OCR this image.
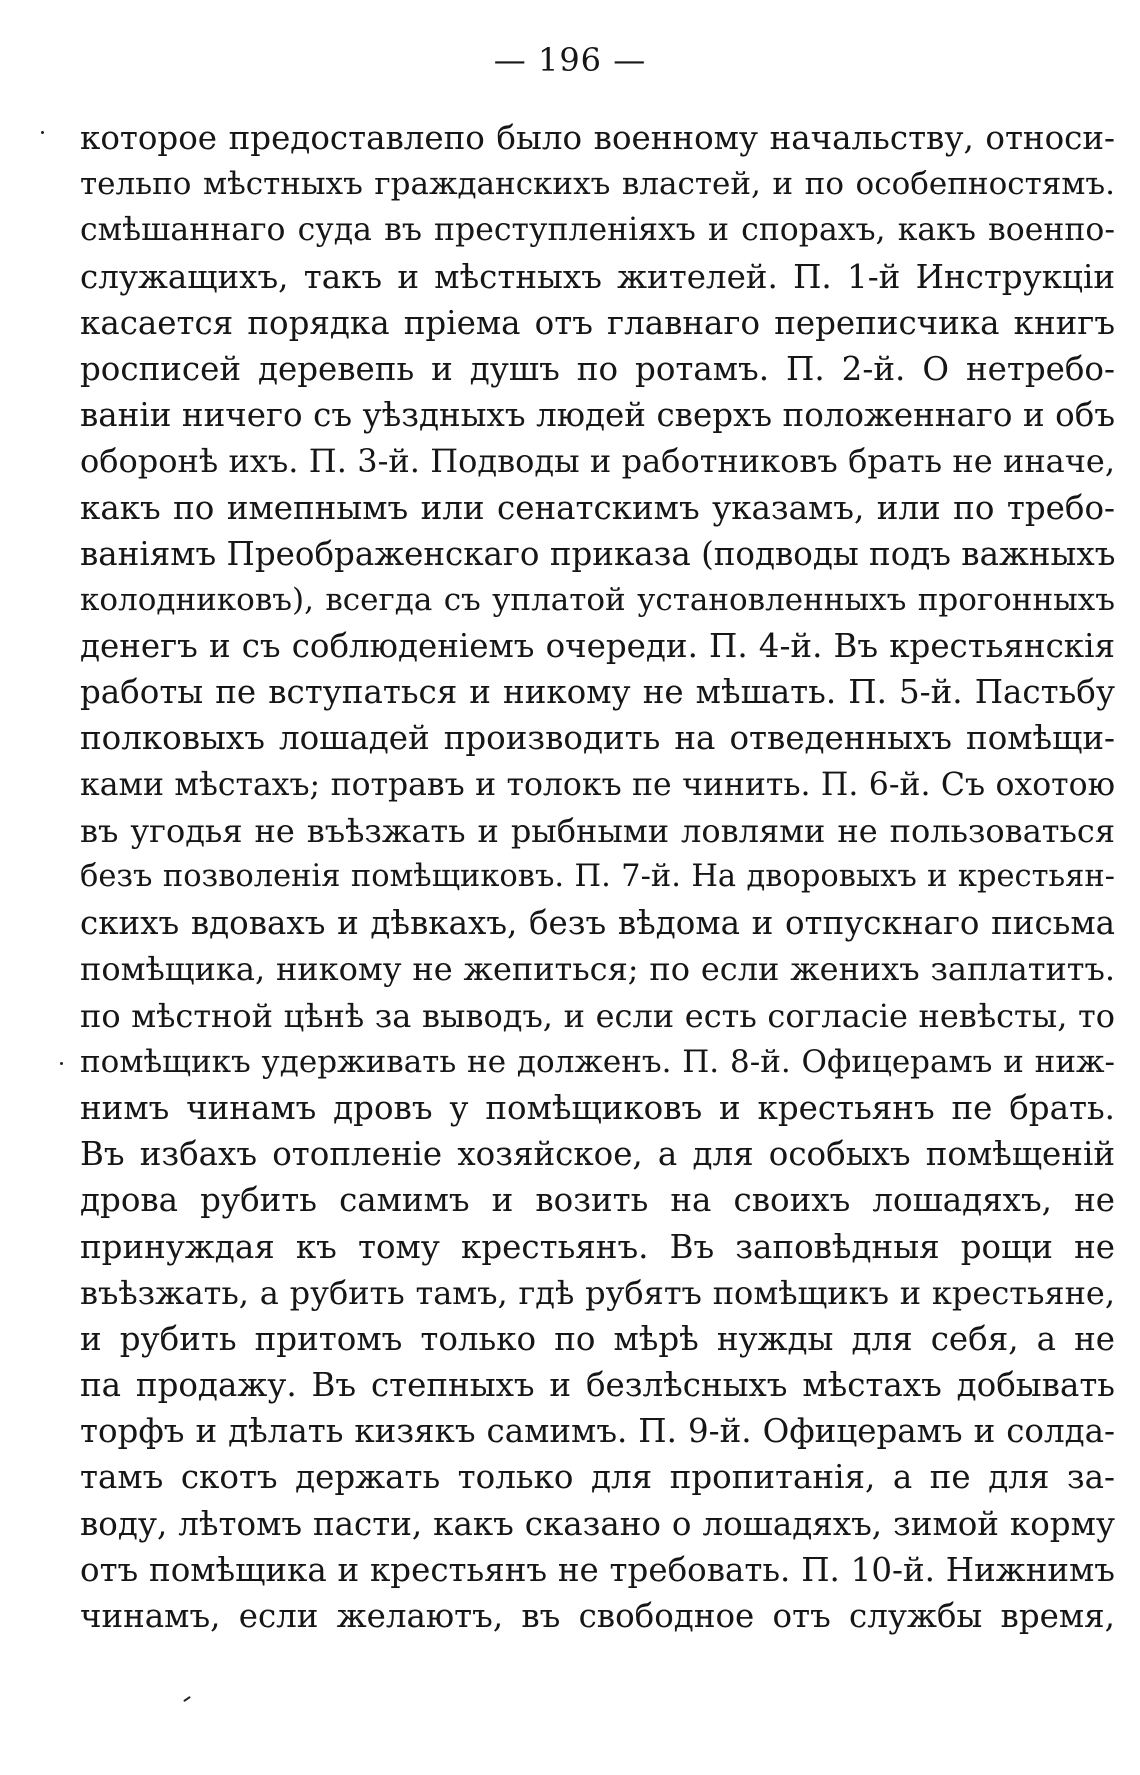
— 196 —
которое предоставлепо было военному начальству, относи-
тельпо мѣстныхъ гражданскихъ властей, и по особепностямъ.
смѣшаннаго суда въ преступленіяхъ и спорахъ, какъ военпо-
служащихъ, такъ и мѣстныхъ жителей. П. 1-й Инструкціи
касается порядка пріема отъ главнаго переписчика книгъ
росписей деревепь и душъ по ротамъ. П. 2-й. О нетребо-
ваніи ничего съ уѣздныхъ людей сверхъ положеннаго и объ
оборонѣ ихъ. П. 3-й. Подводы и работниковъ брать не иначе,
какъ по имепнымъ или сенатскимъ указамъ, или по требо-
ваніямъ Преображенскаго приказа (подводы подъ важныхъ
колодниковъ), всегда съ уплатой установленныхъ прогонныхъ
денегъ и съ соблюденіемъ очереди. П. 4-й. Въ крестьянскія
работы пе вступаться и никому не мѣшать. П. 5-й. Пастьбу
полковыхъ лошадей производить на отведенныхъ помѣщи-
ками мѣстахъ; потравъ и толокъ пе чинить. П. 6-й. Съ охотою
въ угодья не въѣзжать и рыбными ловлями не пользоваться
безъ позволенія помѣщиковъ. П. 7-й. На дворовыхъ и крестьян-
скихъ вдовахъ и дѣвкахъ, безъ вѣдома и отпускнаго письма
помѣщика, никому не жепиться; по если женихъ заплатитъ.
по мѣстной цѣнѣ за выводъ, и если есть согласіе невѣсты, то
помѣщикъ удерживать не долженъ. П. 8-й. Офицерамъ и ниж-
нимъ чинамъ дровъ у помѣщиковъ и крестьянъ пе брать.
Въ избахъ отопленіе хозяйское, а для особыхъ помѣщеній
дрова рубить самимъ и возить на своихъ лошадяхъ, не
принуждая къ тому крестьянъ. Въ заповѣдныя рощи не
въѣзжать, а рубить тамъ, гдѣ рубятъ помѣщикъ и крестьяне,
и рубить притомъ только по мѣрѣ нужды для себя, а не
па продажу. Въ степныхъ и безлѣсныхъ мѣстахъ добывать
торфъ и дѣлать кизякъ самимъ. П. 9-й. Офицерамъ и солда-
тамъ скотъ держать только для пропитанія, а пе для за-
воду, лѣтомъ пасти, какъ сказано о лошадяхъ, зимой корму
отъ помѣщика и крестьянъ не требовать. П. 10-й. Нижнимъ
чинамъ, если желаютъ, въ свободное отъ службы время,
